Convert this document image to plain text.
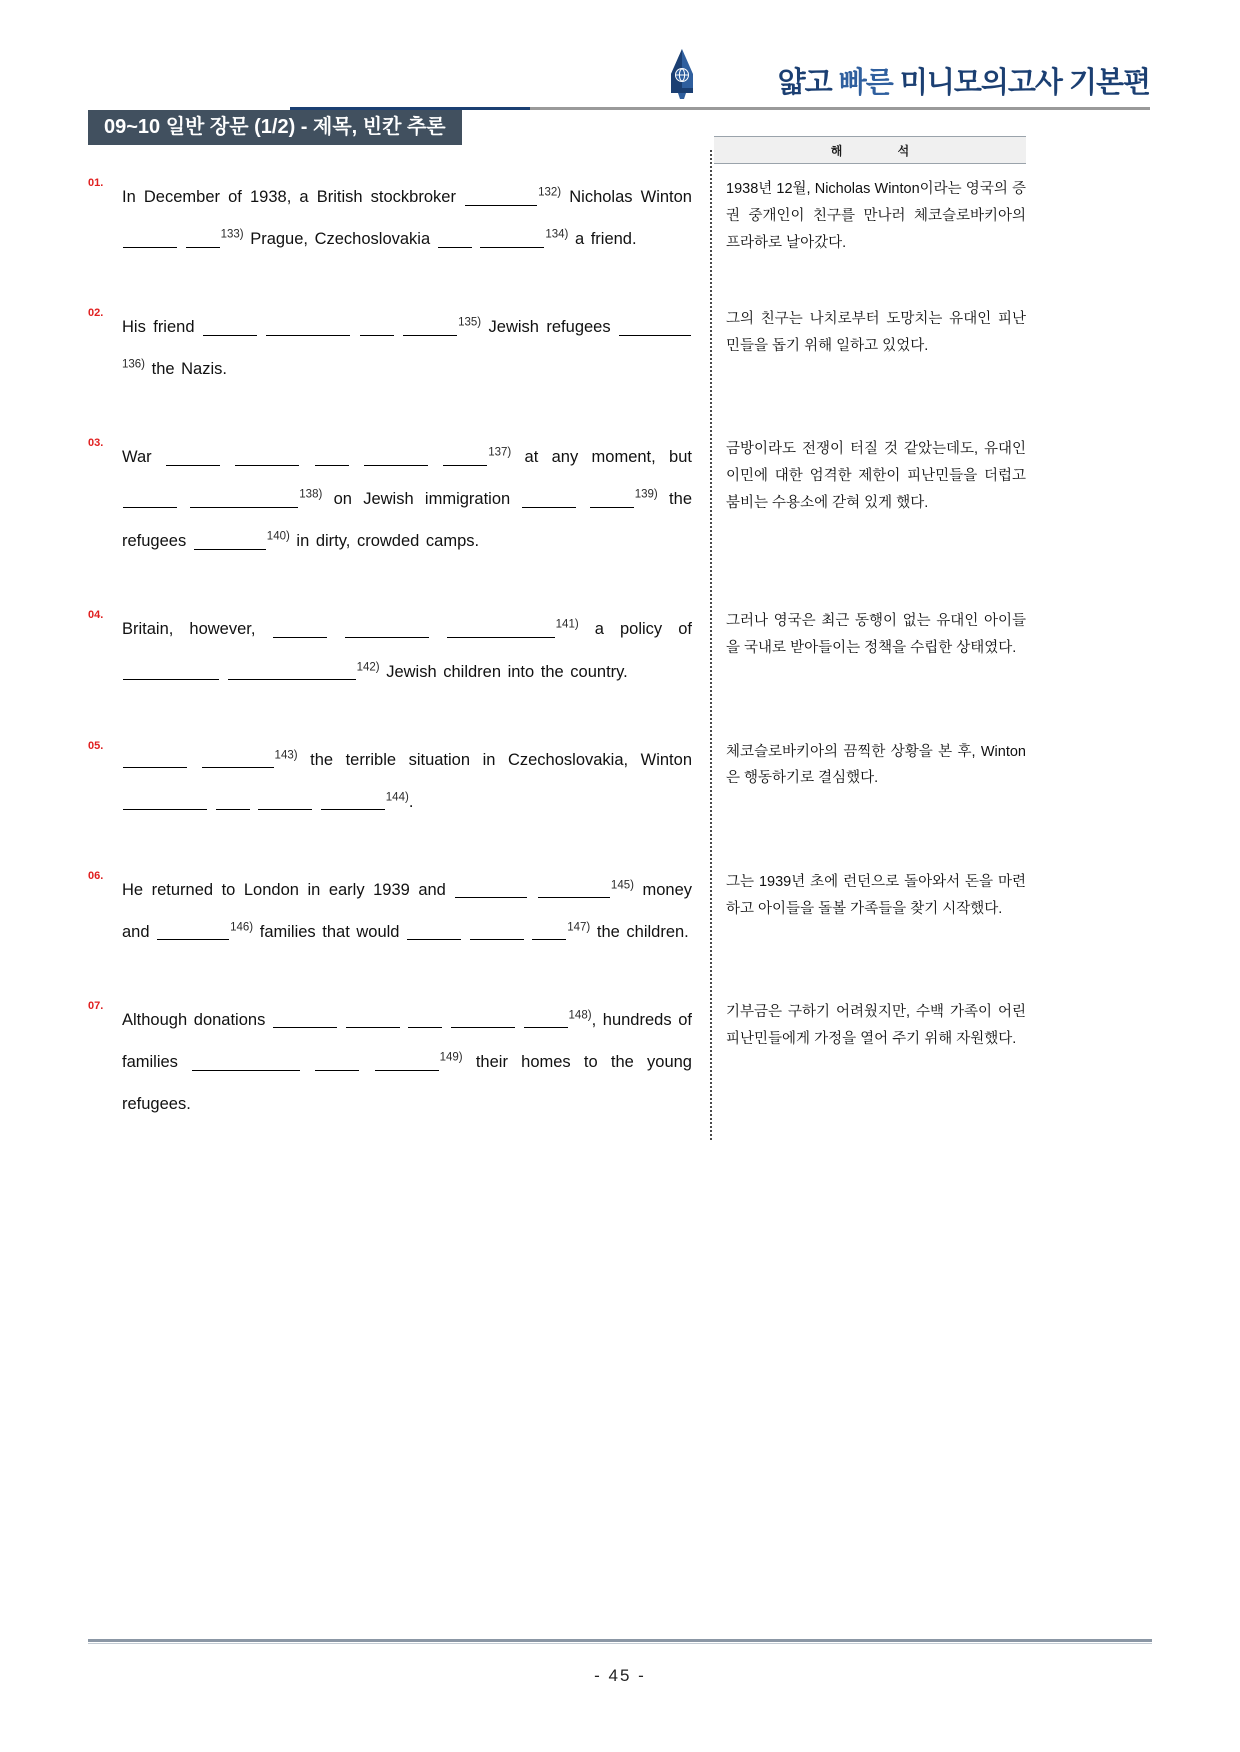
얇고 빠른 미니모의고사 기본편
09~10 일반 장문 (1/2) - 제목, 빈칸 추론
해 석
01.
In December of 1938, a British stockbroker	$^{132)}$ Nicholas Winton  $^{133)}$ Prague, Czechoslovakia	$^{134)}$ a friend.
1938년 12월, Nicholas Winton이라는 영국의 증권 중개인이 친구를 만나러 체코슬로바키아의 프라하로 날아갔다.
02.
His friend	$^{135)}$ Jewish refugees $^{136)}$ the Nazis.
그의 친구는 나치로부터 도망치는 유대인 피난민들을 돕기 위해 일하고 있었다.
03.
War	$^{137)}$ at any moment, but  $^{138)}$ on Jewish immigration	$^{139)}$ the refugees	$^{140)}$ in dirty, crowded camps.
금방이라도 전쟁이 터질 것 같았는데도, 유대인 이민에 대한 엄격한 제한이 피난민들을 더럽고 붐비는 수용소에 갇혀 있게 했다.
04.
Britain, however,	$^{141)}$ a policy of  $^{142)}$ Jewish children into the country.
그러나 영국은 최근 동행이 없는 유대인 아이들을 국내로 받아들이는 정책을 수립한 상태였다.
05.
$^{143)}$ the terrible situation in Czechoslovakia, Winton    $^{144)}$.
체코슬로바키아의 끔찍한 상황을 본 후, Winton은 행동하기로 결심했다.
06.
He returned to London in early 1939 and	$^{145)}$ money and	$^{146)}$ families that would	$^{147)}$ the children.
그는 1939년 초에 런던으로 돌아와서 돈을 마련하고 아이들을 돌볼 가족들을 찾기 시작했다.
07.
Although donations	$^{148)}$, hundreds of families	$^{149)}$ their homes to the young refugees.
기부금은 구하기 어려웠지만, 수백 가족이 어린 피난민들에게 가정을 열어 주기 위해 자원했다.
- 45 -
